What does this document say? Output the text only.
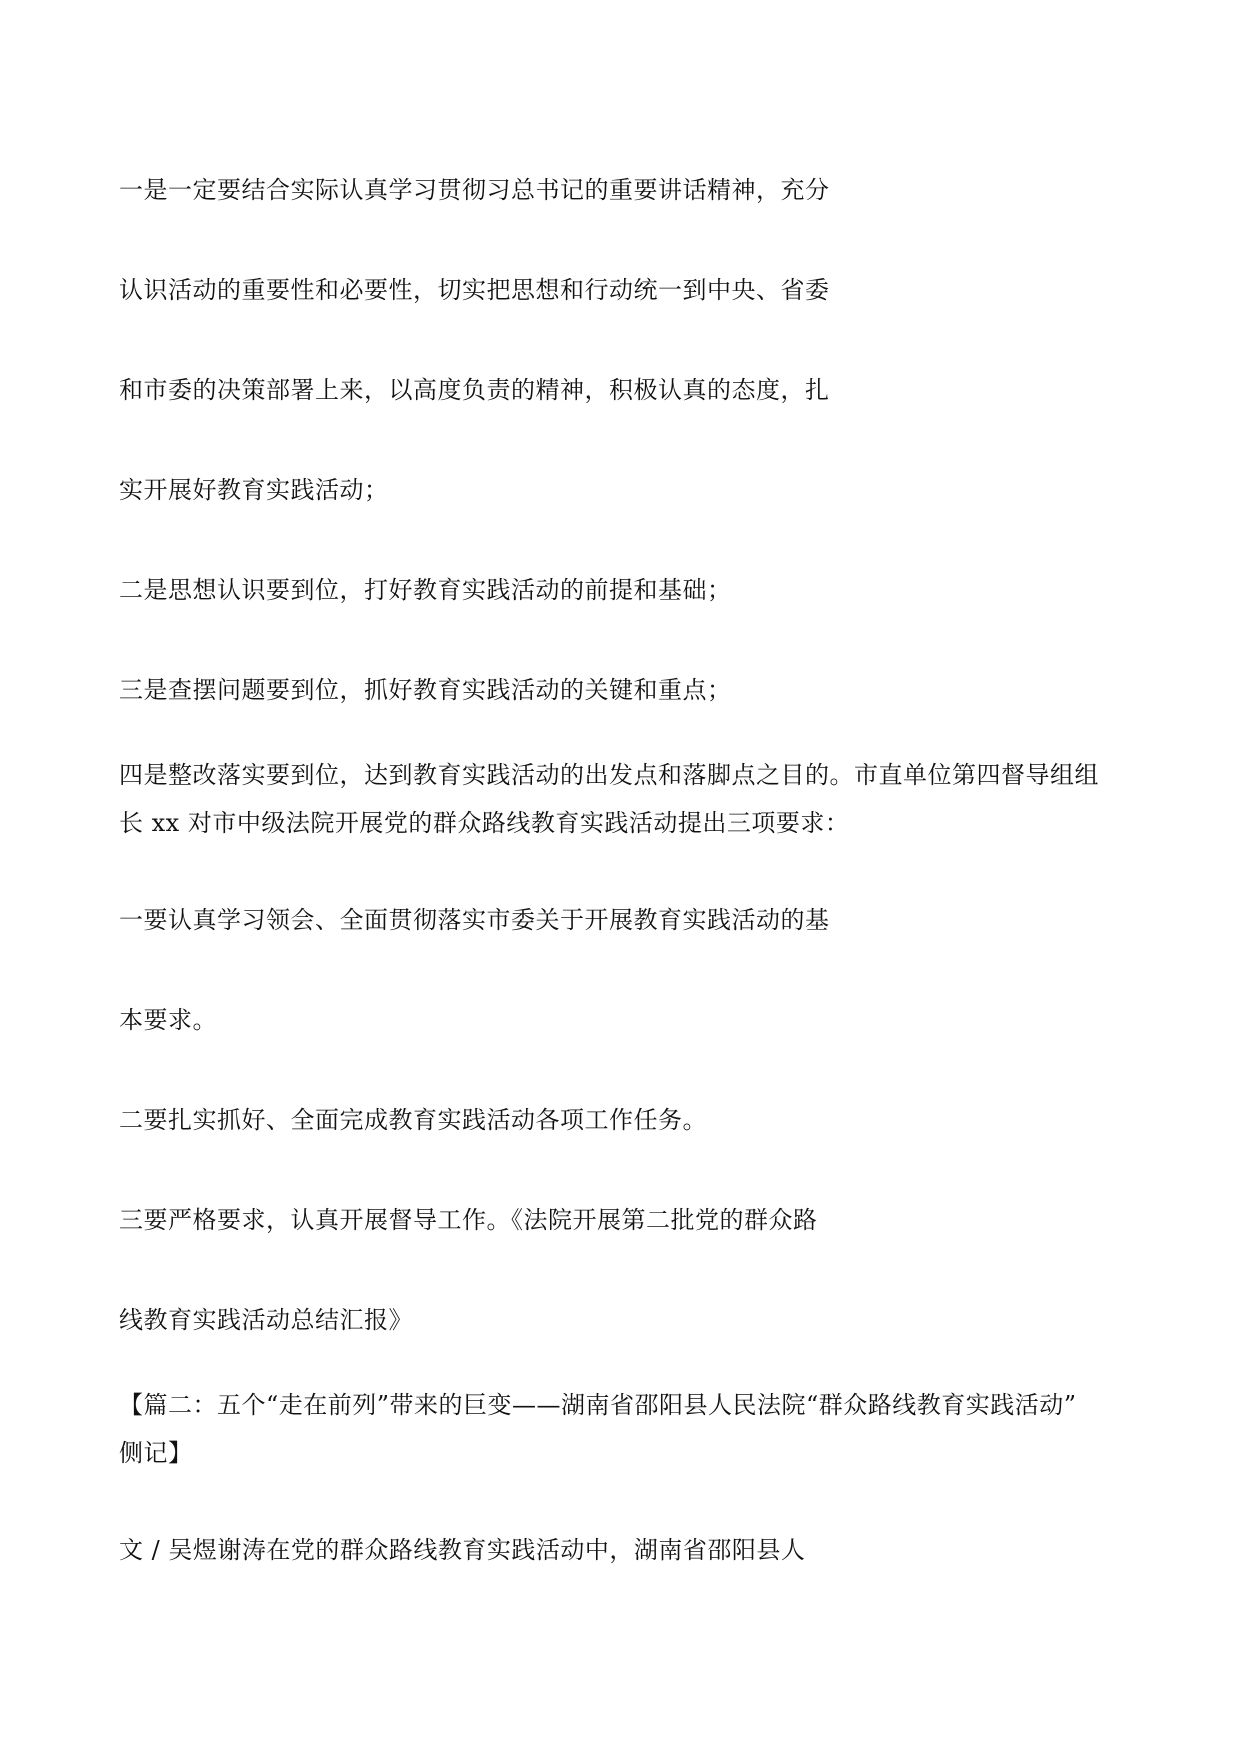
一是一定要结合实际认真学习贯彻习总书记的重要讲话精神，充分
认识活动的重要性和必要性，切实把思想和行动统一到中央、省委
和市委的决策部署上来，以高度负责的精神，积极认真的态度，扎
实开展好教育实践活动；
二是思想认识要到位，打好教育实践活动的前提和基础；
三是查摆问题要到位，抓好教育实践活动的关键和重点；
四是整改落实要到位，达到教育实践活动的出发点和落脚点之目的。市直单位第四督导组组
长 xx 对市中级法院开展党的群众路线教育实践活动提出三项要求：
一要认真学习领会、全面贯彻落实市委关于开展教育实践活动的基
本要求。
二要扎实抓好、全面完成教育实践活动各项工作任务。
三要严格要求，认真开展督导工作。《法院开展第二批党的群众路
线教育实践活动总结汇报》
【篇二：五个“走在前列”带来的巨变——湖南省邵阳县人民法院“群众路线教育实践活动”
侧记】
文 / 吴煜谢涛在党的群众路线教育实践活动中，湖南省邵阳县人
